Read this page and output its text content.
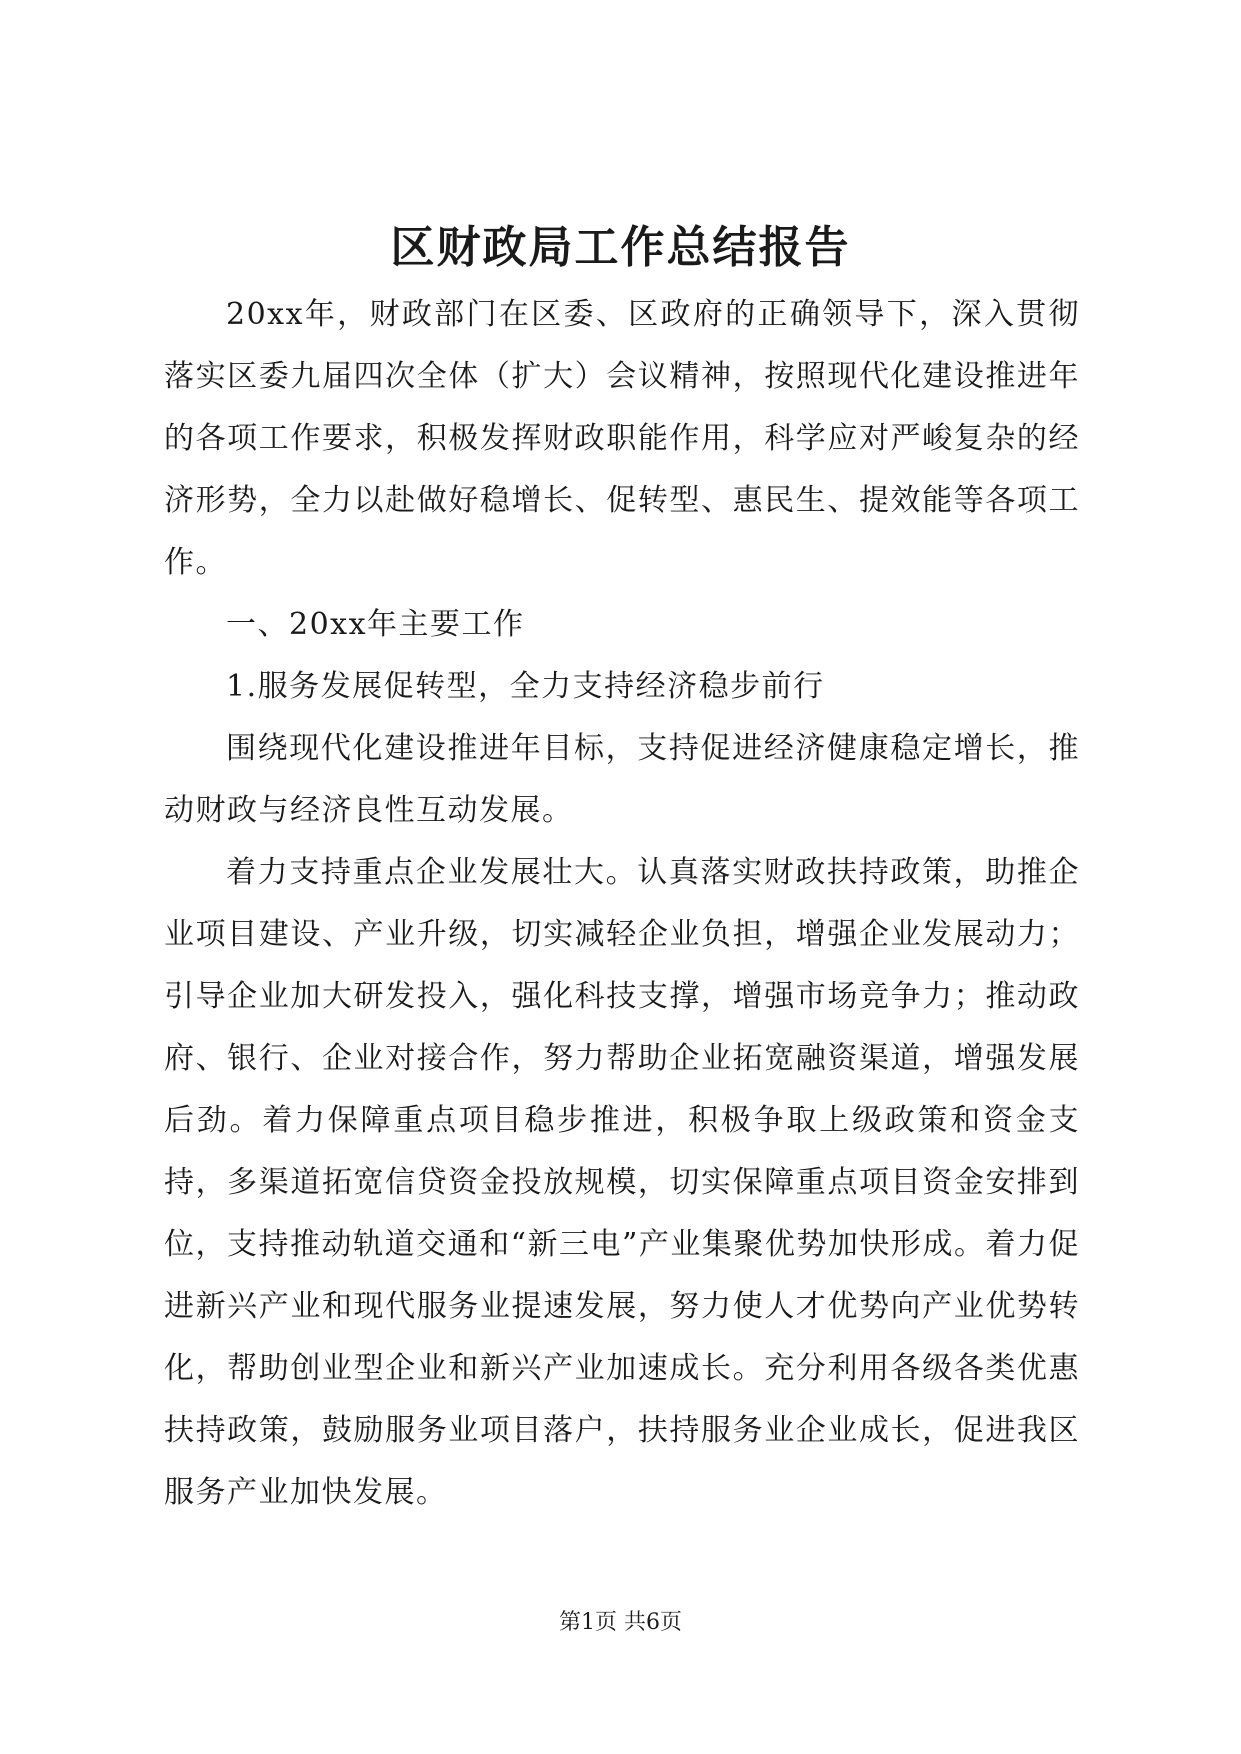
区财政局工作总结报告

20xx年，财政部门在区委、区政府的正确领导下，深入贯彻落实区委九届四次全体（扩大）会议精神，按照现代化建设推进年的各项工作要求，积极发挥财政职能作用，科学应对严峻复杂的经济形势，全力以赴做好稳增长、促转型、惠民生、提效能等各项工作。

一、20xx年主要工作

1.服务发展促转型，全力支持经济稳步前行

围绕现代化建设推进年目标，支持促进经济健康稳定增长，推动财政与经济良性互动发展。

着力支持重点企业发展壮大。认真落实财政扶持政策，助推企业项目建设、产业升级，切实减轻企业负担，增强企业发展动力；引导企业加大研发投入，强化科技支撑，增强市场竞争力；推动政府、银行、企业对接合作，努力帮助企业拓宽融资渠道，增强发展后劲。着力保障重点项目稳步推进，积极争取上级政策和资金支持，多渠道拓宽信贷资金投放规模，切实保障重点项目资金安排到位，支持推动轨道交通和“新三电”产业集聚优势加快形成。着力促进新兴产业和现代服务业提速发展，努力使人才优势向产业优势转化，帮助创业型企业和新兴产业加速成长。充分利用各级各类优惠扶持政策，鼓励服务业项目落户，扶持服务业企业成长，促进我区服务产业加快发展。

第1页 共6页
